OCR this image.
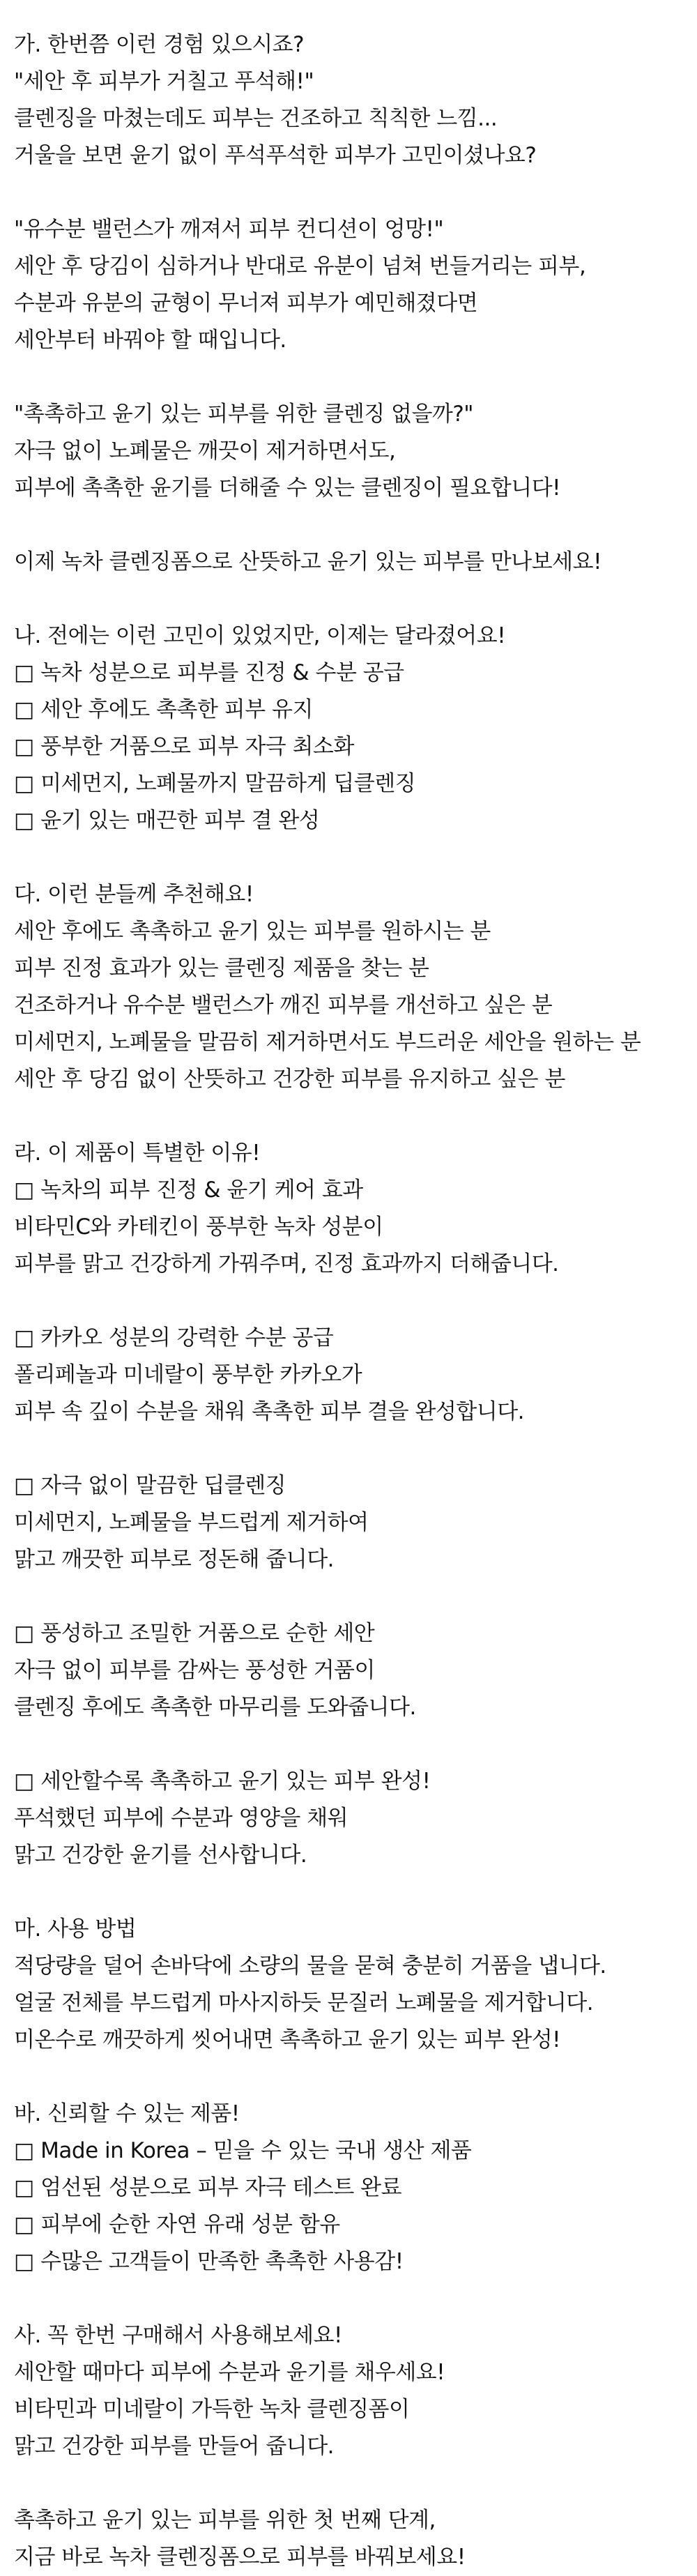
가. 한번쯤 이런 경험 있으시죠?
"세안 후 피부가 거칠고 푸석해!"
클렌징을 마쳤는데도 피부는 건조하고 칙칙한 느낌...
거울을 보면 윤기 없이 푸석푸석한 피부가 고민이셨나요?
"유수분 밸런스가 깨져서 피부 컨디션이 엉망!"
세안 후 당김이 심하거나 반대로 유분이 넘쳐 번들거리는 피부,
수분과 유분의 균형이 무너져 피부가 예민해졌다면
세안부터 바꿔야 할 때입니다.
"촉촉하고 윤기 있는 피부를 위한 클렌징 없을까?"
자극 없이 노폐물은 깨끗이 제거하면서도,
피부에 촉촉한 윤기를 더해줄 수 있는 클렌징이 필요합니다!
이제 녹차 클렌징폼으로 산뜻하고 윤기 있는 피부를 만나보세요!
나. 전에는 이런 고민이 있었지만, 이제는 달라졌어요!
□ 녹차 성분으로 피부를 진정 & 수분 공급
□ 세안 후에도 촉촉한 피부 유지
□ 풍부한 거품으로 피부 자극 최소화
□ 미세먼지, 노폐물까지 말끔하게 딥클렌징
□ 윤기 있는 매끈한 피부 결 완성
다. 이런 분들께 추천해요!
세안 후에도 촉촉하고 윤기 있는 피부를 원하시는 분
피부 진정 효과가 있는 클렌징 제품을 찾는 분
건조하거나 유수분 밸런스가 깨진 피부를 개선하고 싶은 분
미세먼지, 노폐물을 말끔히 제거하면서도 부드러운 세안을 원하는 분
세안 후 당김 없이 산뜻하고 건강한 피부를 유지하고 싶은 분
라. 이 제품이 특별한 이유!
□ 녹차의 피부 진정 & 윤기 케어 효과
비타민C와 카테킨이 풍부한 녹차 성분이
피부를 맑고 건강하게 가꿔주며, 진정 효과까지 더해줍니다.
□ 카카오 성분의 강력한 수분 공급
폴리페놀과 미네랄이 풍부한 카카오가
피부 속 깊이 수분을 채워 촉촉한 피부 결을 완성합니다.
□ 자극 없이 말끔한 딥클렌징
미세먼지, 노폐물을 부드럽게 제거하여
맑고 깨끗한 피부로 정돈해 줍니다.
□ 풍성하고 조밀한 거품으로 순한 세안
자극 없이 피부를 감싸는 풍성한 거품이
클렌징 후에도 촉촉한 마무리를 도와줍니다.
□ 세안할수록 촉촉하고 윤기 있는 피부 완성!
푸석했던 피부에 수분과 영양을 채워
맑고 건강한 윤기를 선사합니다.
마. 사용 방법
적당량을 덜어 손바닥에 소량의 물을 묻혀 충분히 거품을 냅니다.
얼굴 전체를 부드럽게 마사지하듯 문질러 노폐물을 제거합니다.
미온수로 깨끗하게 씻어내면 촉촉하고 윤기 있는 피부 완성!
바. 신뢰할 수 있는 제품!
□ Made in Korea – 믿을 수 있는 국내 생산 제품
□ 엄선된 성분으로 피부 자극 테스트 완료
□ 피부에 순한 자연 유래 성분 함유
□ 수많은 고객들이 만족한 촉촉한 사용감!
사. 꼭 한번 구매해서 사용해보세요!
세안할 때마다 피부에 수분과 윤기를 채우세요!
비타민과 미네랄이 가득한 녹차 클렌징폼이
맑고 건강한 피부를 만들어 줍니다.
촉촉하고 윤기 있는 피부를 위한 첫 번째 단계,
지금 바로 녹차 클렌징폼으로 피부를 바꿔보세요!
